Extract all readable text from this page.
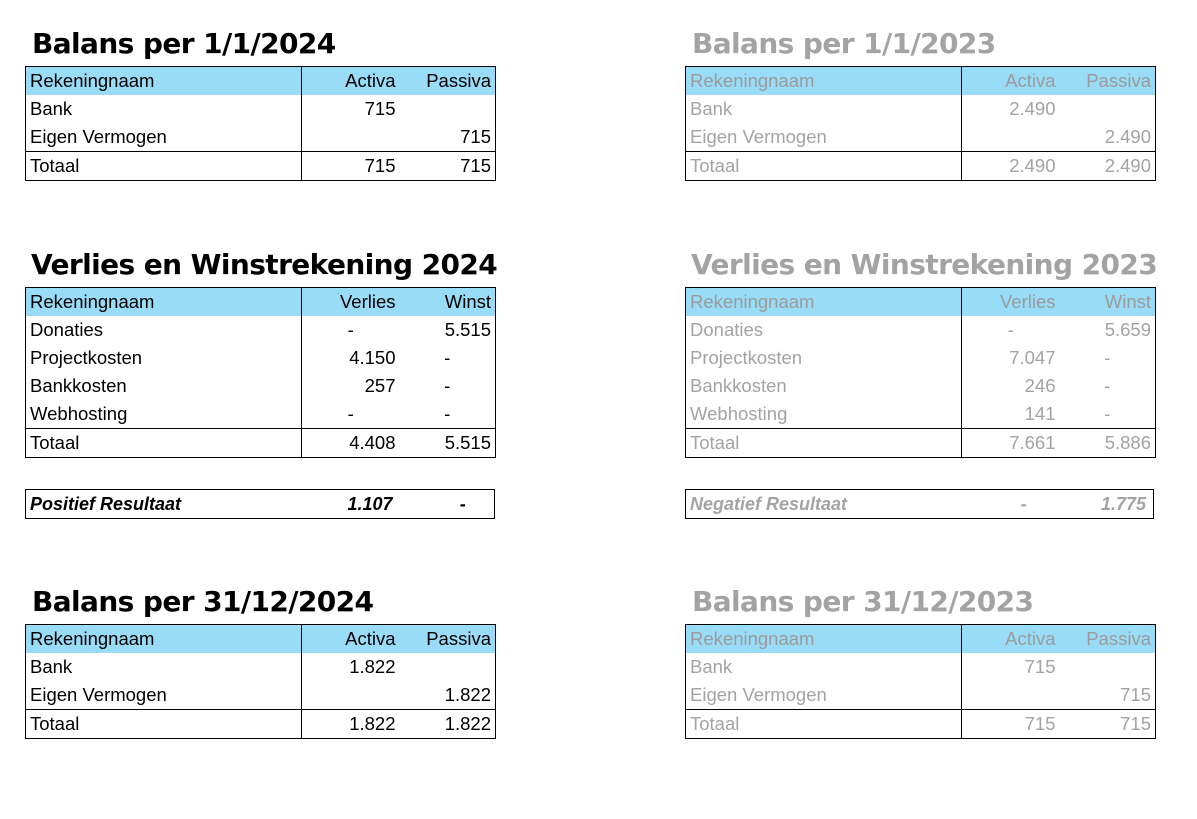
Balans per 1/1/2024
Rekeningnaam	Activa	Passiva
Bank	715	
Eigen Vermogen		715
Totaal	715	715
Verlies en Winstrekening 2024
Rekeningnaam	Verlies	Winst
Donaties	-	5.515
Projectkosten	4.150	-
Bankkosten	257	-
Webhosting	-	-
Totaal	4.408	5.515
Positief Resultaat	1.107	-
Balans per 31/12/2024
Rekeningnaam	Activa	Passiva
Bank	1.822	
Eigen Vermogen		1.822
Totaal	1.822	1.822
Balans per 1/1/2023
Rekeningnaam	Activa	Passiva
Bank	2.490	
Eigen Vermogen		2.490
Totaal	2.490	2.490
Verlies en Winstrekening 2023
Rekeningnaam	Verlies	Winst
Donaties	-	5.659
Projectkosten	7.047	-
Bankkosten	246	-
Webhosting	141	-
Totaal	7.661	5.886
Negatief Resultaat	-	1.775
Balans per 31/12/2023
Rekeningnaam	Activa	Passiva
Bank	715	
Eigen Vermogen		715
Totaal	715	715
